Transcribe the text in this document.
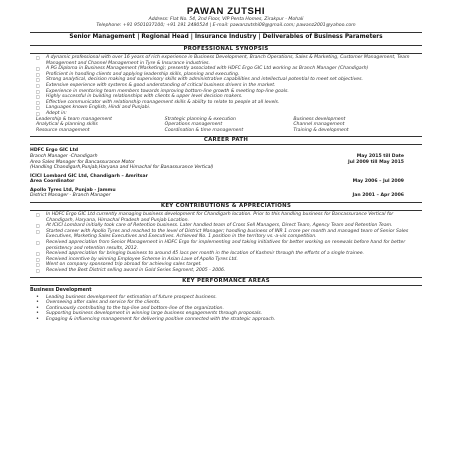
PAWAN ZUTSHI
Address: Flat No. 54, 2nd Floor, VIP Penta Homes, Zirakpur - Mohali
Telephone: +91 9501037100; +91 191 2480524 | E-mail: pawanzutshi08@gmail.com; pawanz2001@yahoo.com
Senior Management | Regional Head | Insurance Industry | Deliverables of Business Parameters
PROFESSIONAL SYNOPSIS
□ A dynamic professional with over 16 years of rich experience in Business Development, Branch Operations, Sales & Marketing, Customer Management, Team Management and Channel Management in Tyre & Insurance industries.
□ A PG Diploma in Business Management (Marketing); presently associated with HDFC Ergo GIC Ltd working as Branch Manager (Chandigarh)
□ Proficient in handling clients and applying leadership skills, planning and executing.
□ Strong analytical, decision making and supervisory skills with administrative capabilities and intellectual potential to meet set objectives.
□ Extensive experience with systems & good understanding of critical business drivers in the market.
□ Experience in mentoring team members towards improving bottom-line growth & meeting top-line goals.
□ Highly successful in building relationships with clients & upper level decision makers.
□ Effective communicator with relationship management skills & ability to relate to people at all levels.
□ Languages known English, Hindi and Punjabi.
□ Adept in:
Leadership & team management	Strategic planning & execution	Business development
Analytical & planning skills	Operations management	Channel management
Resource management	Coordination & time management	Training & development
CAREER PATH
HDFC Ergo GIC Ltd
Branch Manager -Chandigarh	May 2015 till Date
Area Sales Manager for Bancassurance Motor	Jul 2009 till May 2015
(Handling Chandigarh,Punjab,Haryana and Himachal for Banassurance Vertical)
ICICI Lombard GIC Ltd, Chandigarh – Amritsar
Area Coordinator	May 2006 – Jul 2009
Apollo Tyres Ltd, Punjab - Jammu
District Manager - Branch Manager	Jan 2001 – Apr 2006
KEY CONTRIBUTIONS & APPRECIATIONS
□ In HDFC Ergo GIC Ltd currently managing business development for Chandigarh location. Prior to this handling business for Bancassurance Vertical for Chandigarh, Haryana, Himachal Pradesh and Punjab Location.
□ At ICICI Lombard initially took care of Retention business. Later handled team of Cross Sell Managers, Direct Team, Agency Team and Retention Team.
□ Started career with Apollo Tyres and reached to the level of District Manager; handling business of INR 1 crore per month and managed team of Senior Sales Executives, Marketing Sales Executives and Executives. Achieved No. 1 position in the territory vs.-a-vis competition.
□ Received appreciation from Senior Management in HDFC Ergo for implementing and taking initiatives for better working on renewals before hand for better persistency and retention results, 2012.
□ Received appreciation for bringing business to around 45 lacs per month in the location of Kashmir through the efforts of a single trainee.
□ Received incentive by winning Employee Scheme in Asian Lave of Apollo Tyres Ltd.
□ Went on company sponsored trip abroad for achieving sales target.
□ Received the Best District selling award in Gold Series Segment, 2005 - 2006.
KEY PERFORMANCE AREAS
Business Development
• Leading business development for estimation of future prospect business.
• Overseeing after sales and service for the clients.
• Continuously contributing to the top-line and bottom-line of the organization.
• Supporting business development in winning large business engagements through proposals.
• Engaging & influencing management for delivering positive connected with the strategic approach.
